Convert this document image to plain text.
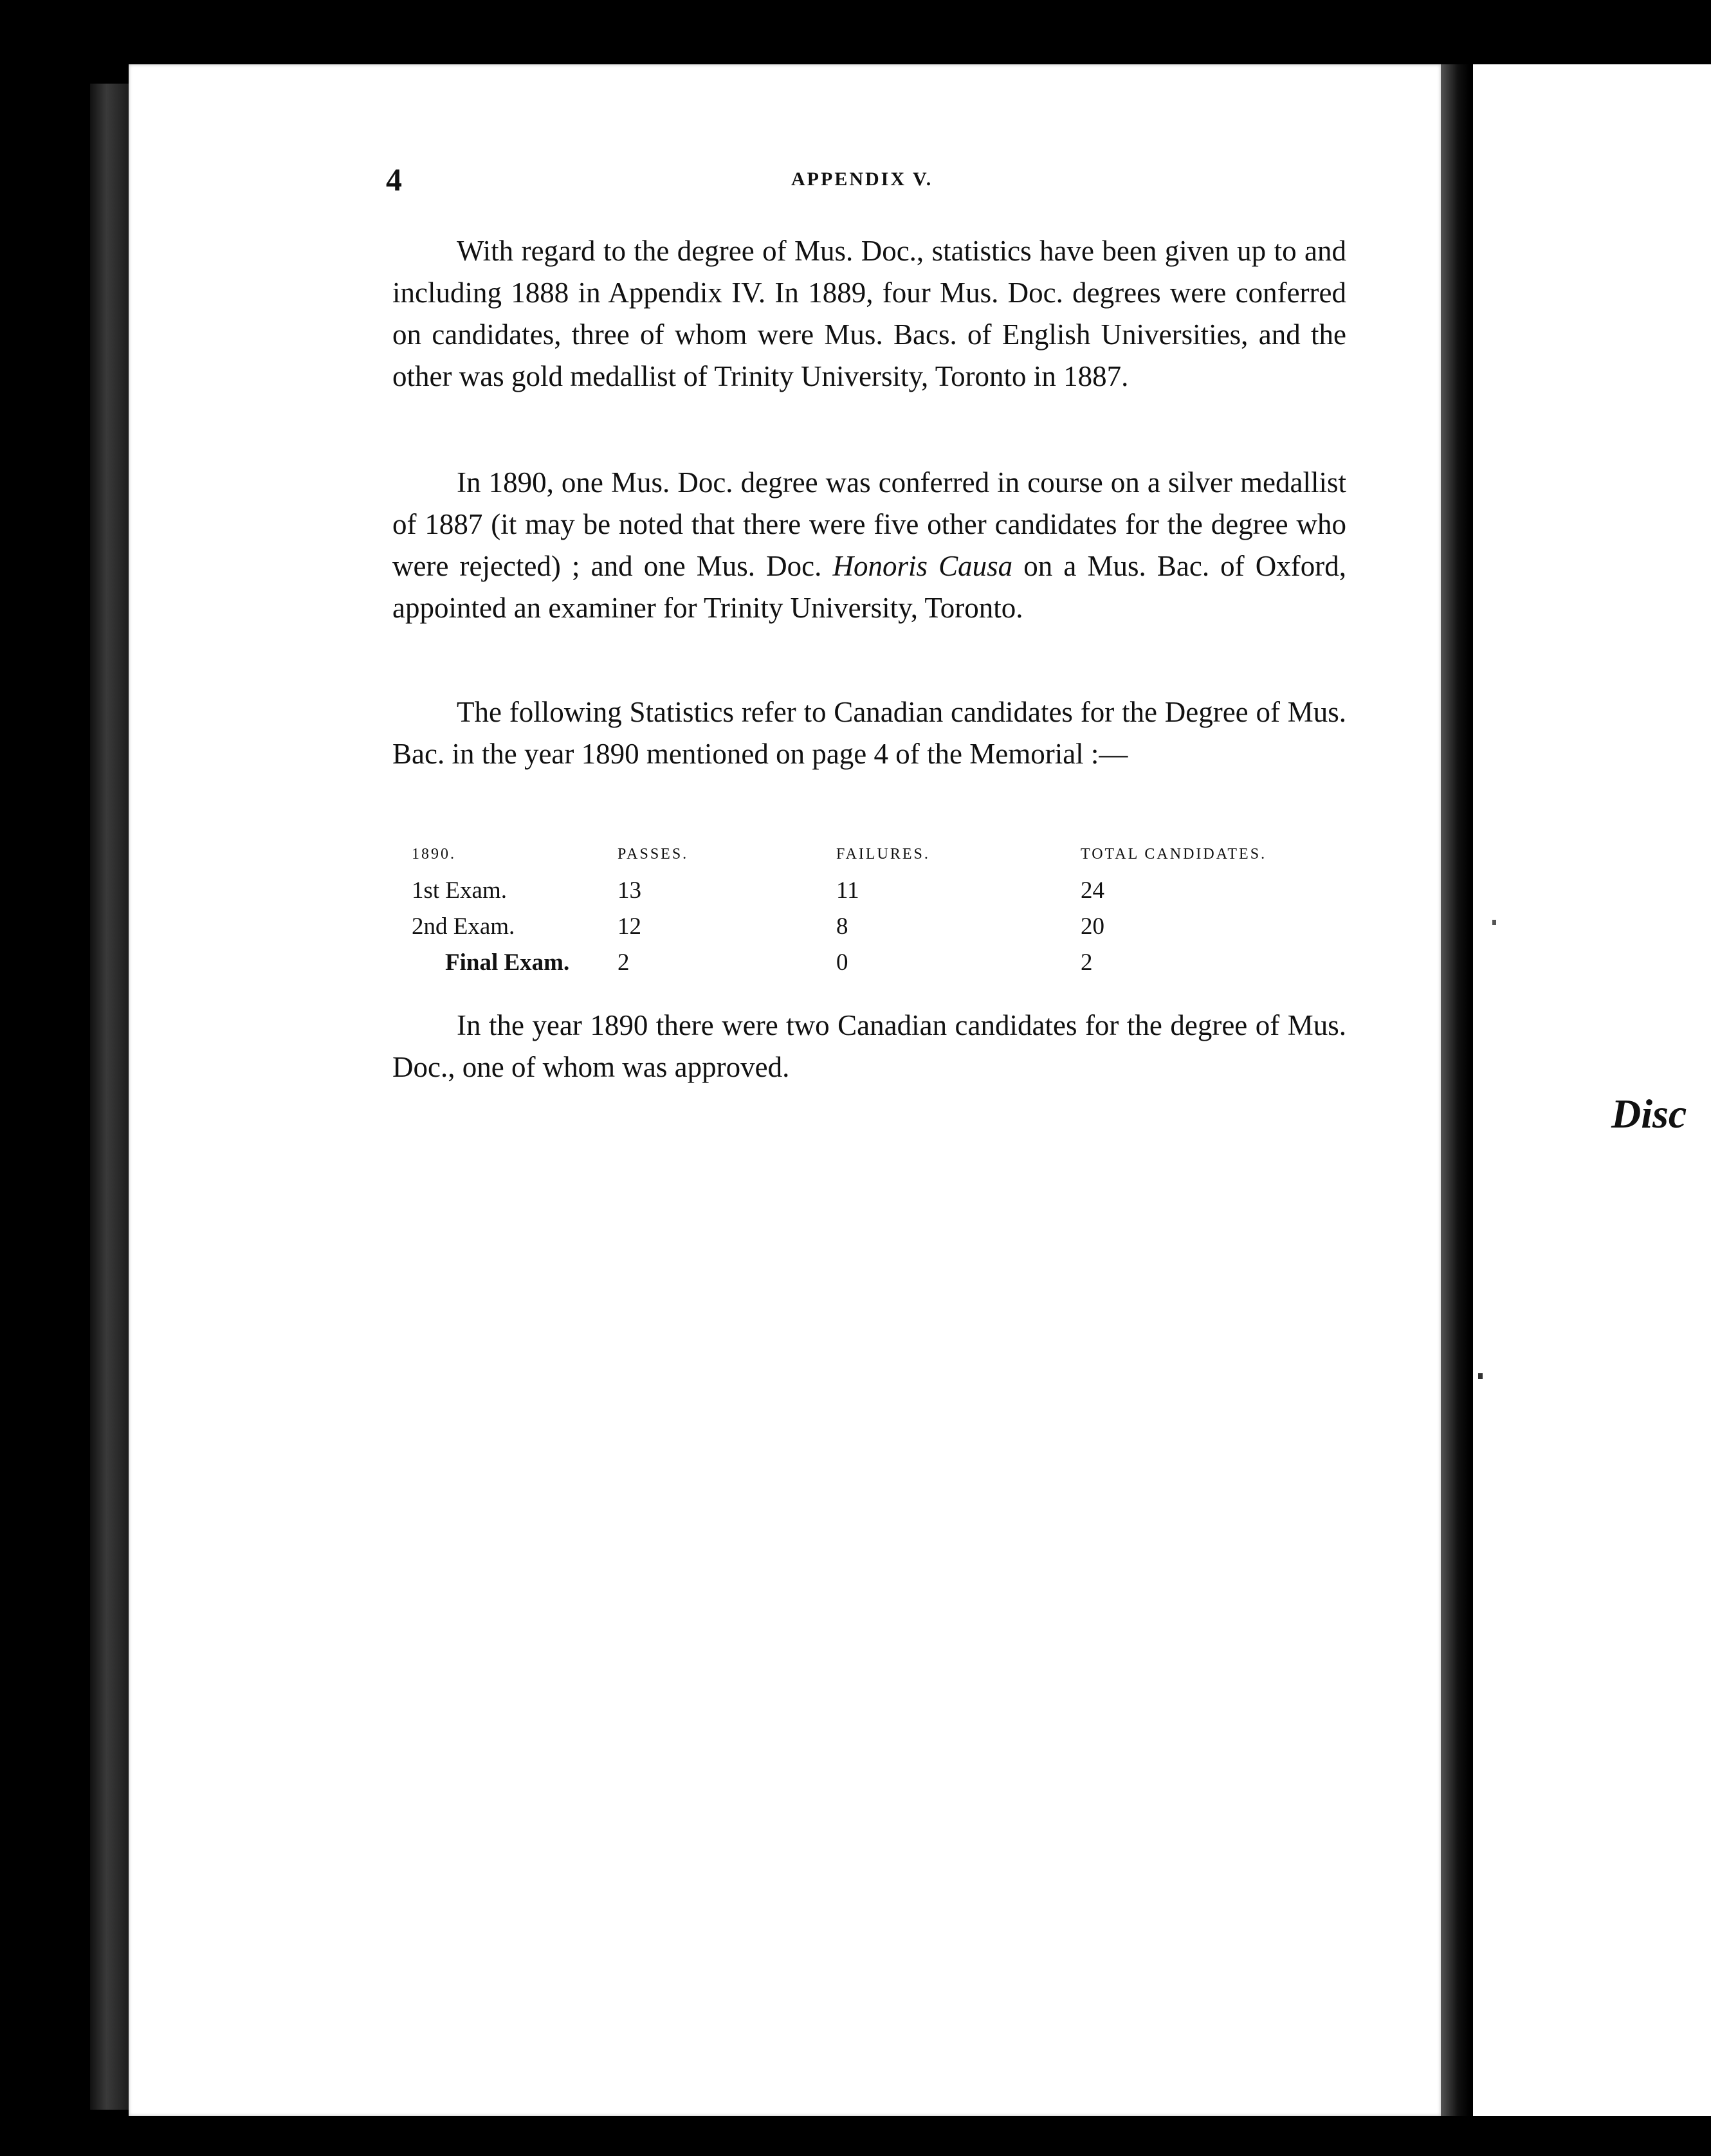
Disc
4	APPENDIX V.

With regard to the degree of Mus. Doc., statistics have been given up to and including 1888 in Appendix IV. In 1889, four Mus. Doc. degrees were conferred on candidates, three of whom were Mus. Bacs. of English Universities, and the other was gold medallist of Trinity University, Toronto in 1887.

In 1890, one Mus. Doc. degree was conferred in course on a silver medallist of 1887 (it may be noted that there were five other candidates for the degree who were rejected) ; and one Mus. Doc. Honoris Causa on a Mus. Bac. of Oxford, appointed an examiner for Trinity University, Toronto.

The following Statistics refer to Canadian candidates for the Degree of Mus. Bac. in the year 1890 mentioned on page 4 of the Memorial :—

1890.	PASSES.	FAILURES.	TOTAL CANDIDATES.
1st Exam.	13	11	24
2nd Exam.	12	8	20
Final Exam.	2	0	2

In the year 1890 there were two Canadian candidates for the degree of Mus. Doc., one of whom was approved.
